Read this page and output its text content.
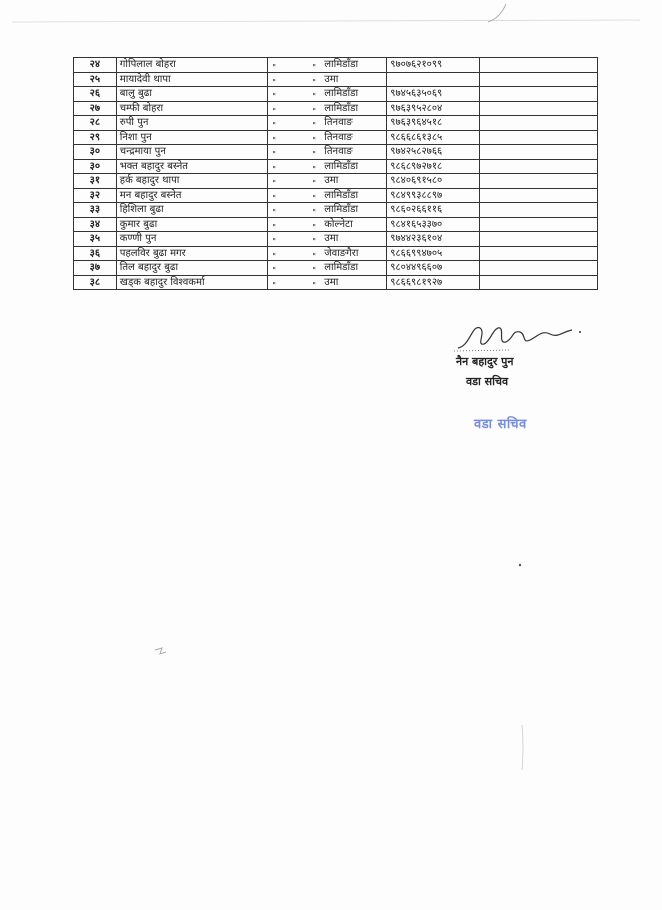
२४	गोपिलाल बोहरा	" " लामिडाँडा	९७०७६२१०९९	
२५	मायादेवी थापा	" " उमा		

२६	बालु बुढा	" " लामिडाँडा	९७४५६३५०६९	
२७	चम्फी बोहरा	" " लामिडाँडा	९७६३९५२८०४	
२८	रुपी पुन	" " तिनवाङ	९७६३९६४५१८	
२९	निशा पुन	" " तिनवाङ	९८६६८६१३८५	
३०	चन्द्रमाया पुन	" " तिनवाङ	९७४२५८२७६६	
३०	भक्त बहादुर बस्नेत	" " लामिडाँडा	९८६८९७२७१८	
३१	हर्क बहादुर थापा	" " उमा	९८४०६९१५८०	
३२	मन बहादुर बस्नेत	" " लामिडाँडा	९८४९९३८८९७	
३३	हिशिला बुढा	" " लामिडाँडा	९८६०२६६११६	
३४	कुमार बुढा	" " कोल्नेटा	९८४१६५३३७०	
३५	कण्णी पुन	" " उमा	९७४४२३६१०४	
३६	पहलविर बुढा मगर	" " जेवाङगैरा	९८६६९९४७०५	
३७	तिल बहादुर बुढा	" " लामिडाँडा	९८०४४९६६०७	
३८	खड्क बहादुर विश्वकर्मा	" " उमा	९८६६९८१९२७	
नैन बहादुर पुन
वडा सचिव
वडा सचिव
